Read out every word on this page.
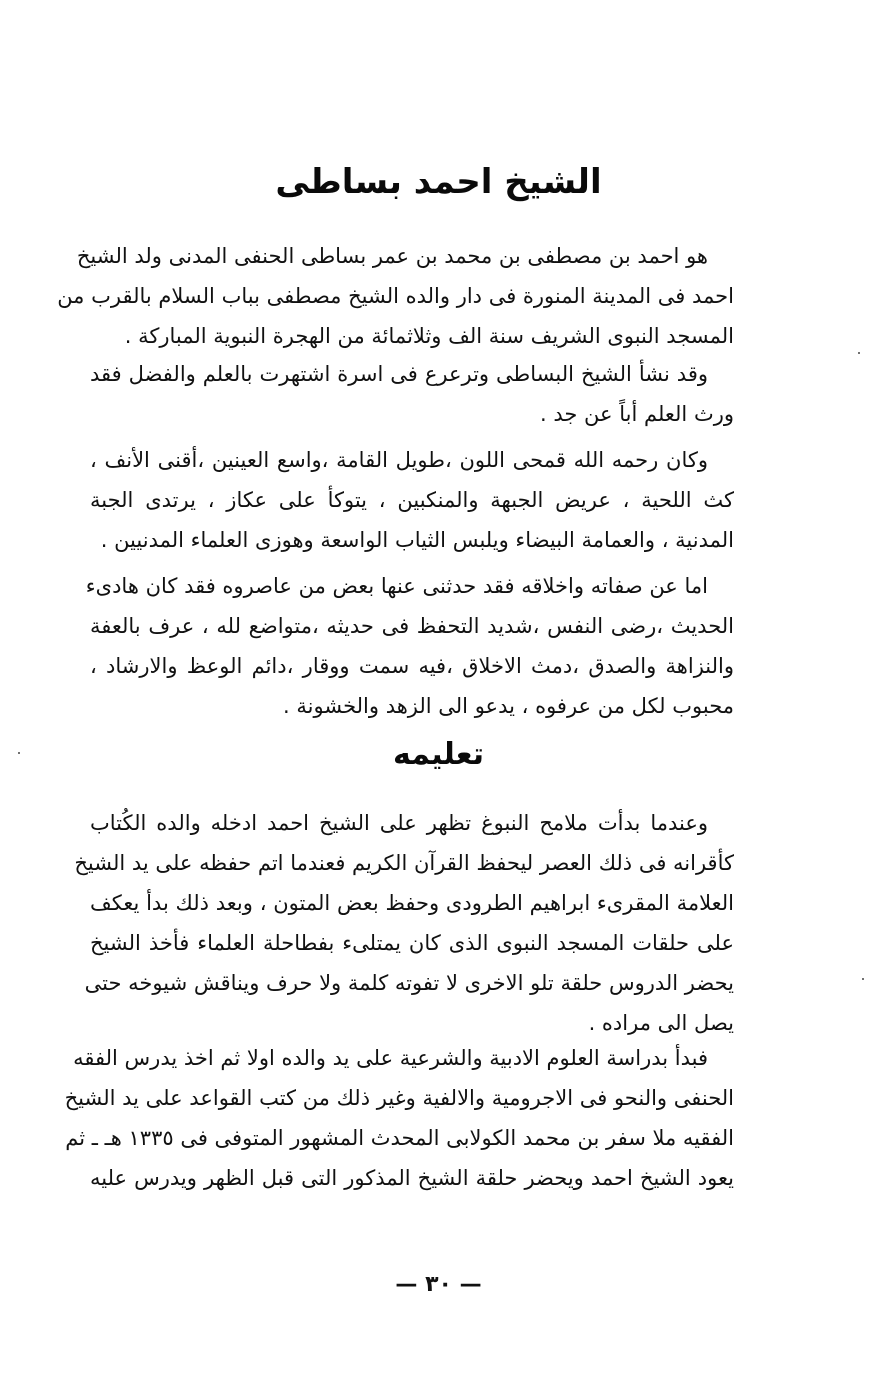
الشيخ احمد بساطى
هو احمد بن مصطفى بن محمد بن عمر بساطى الحنفى المدنى ولد الشيخ
احمد فى المدينة المنورة فى دار والده الشيخ مصطفى بباب السلام بالقرب من
المسجد النبوى الشريف سنة الف وثلاثمائة من الهجرة النبوية المباركة .
وقد نشأ الشيخ البساطى وترعرع فى اسرة اشتهرت بالعلم والفضل فقد
ورث العلم أباً عن جد .
وكان رحمه الله قمحى اللون ،طويل القامة ،واسع العينين ،أقنى الأنف ،
كث اللحية ، عريض الجبهة والمنكبين ، يتوكأ على عكاز ، يرتدى الجبة
المدنية ، والعمامة البيضاء ويلبس الثياب الواسعة وهوزى العلماء المدنيين .
اما عن صفاته واخلاقه فقد حدثنى عنها بعض من عاصروه فقد كان هادىء
الحديث ،رضى النفس ،شديد التحفظ فى حديثه ،متواضع لله ، عرف بالعفة
والنزاهة والصدق ،دمث الاخلاق ،فيه سمت ووقار ،دائم الوعظ والارشاد ،
محبوب لكل من عرفوه ، يدعو الى الزهد والخشونة .
تعليمه
وعندما بدأت ملامح النبوغ تظهر على الشيخ احمد ادخله والده الكُتاب
كأقرانه فى ذلك العصر ليحفظ القرآن الكريم فعندما اتم حفظه على يد الشيخ
العلامة المقرىء ابراهيم الطرودى وحفظ بعض المتون ، وبعد ذلك بدأ يعكف
على حلقات المسجد النبوى الذى كان يمتلىء بفطاحلة العلماء فأخذ الشيخ
يحضر الدروس حلقة تلو الاخرى لا تفوته كلمة ولا حرف ويناقش شيوخه حتى
يصل الى مراده .
فبدأ بدراسة العلوم الادبية والشرعية على يد والده اولا ثم اخذ يدرس الفقه
الحنفى والنحو فى الاجرومية والالفية وغير ذلك من كتب القواعد على يد الشيخ
الفقيه ملا سفر بن محمد الكولابى المحدث المشهور المتوفى فى ١٣٣٥ هـ ـ ثم
يعود الشيخ احمد ويحضر حلقة الشيخ المذكور التى قبل الظهر ويدرس عليه
— ٣٠ —
